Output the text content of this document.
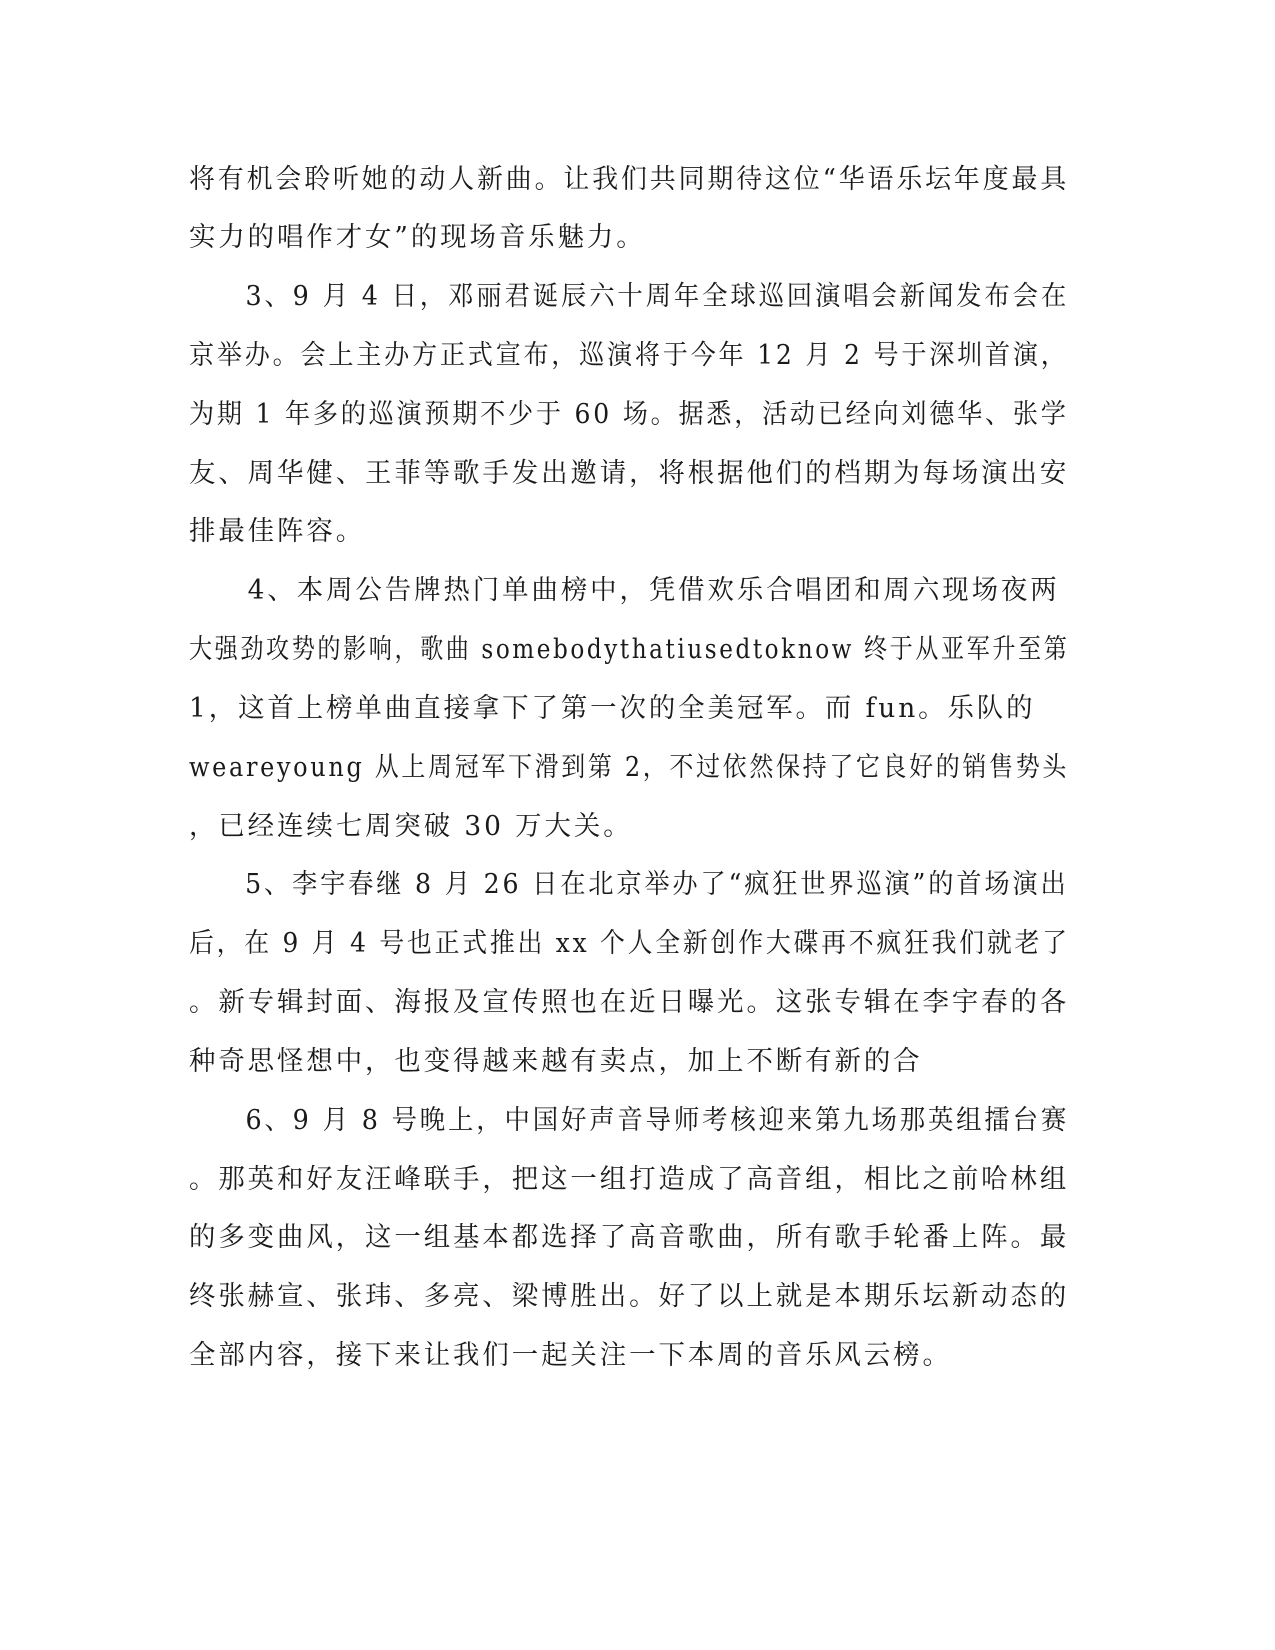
将有机会聆听她的动人新曲。让我们共同期待这位“华语乐坛年度最具
实力的唱作才女”的现场音乐魅力。
　　3、9 月 4 日，邓丽君诞辰六十周年全球巡回演唱会新闻发布会在
京举办。会上主办方正式宣布，巡演将于今年 12 月 2 号于深圳首演，
为期 1 年多的巡演预期不少于 60 场。据悉，活动已经向刘德华、张学
友、周华健、王菲等歌手发出邀请，将根据他们的档期为每场演出安
排最佳阵容。
　　4、本周公告牌热门单曲榜中，凭借欢乐合唱团和周六现场夜两
大强劲攻势的影响，歌曲 somebodythatiusedtoknow 终于从亚军升至第
1，这首上榜单曲直接拿下了第一次的全美冠军。而 fun。乐队的
weareyoung 从上周冠军下滑到第 2，不过依然保持了它良好的销售势头
，已经连续七周突破 30 万大关。
　　5、李宇春继 8 月 26 日在北京举办了“疯狂世界巡演”的首场演出
后，在 9 月 4 号也正式推出 xx 个人全新创作大碟再不疯狂我们就老了
。新专辑封面、海报及宣传照也在近日曝光。这张专辑在李宇春的各
种奇思怪想中，也变得越来越有卖点，加上不断有新的合
　　6、9 月 8 号晚上，中国好声音导师考核迎来第九场那英组擂台赛
。那英和好友汪峰联手，把这一组打造成了高音组，相比之前哈林组
的多变曲风，这一组基本都选择了高音歌曲，所有歌手轮番上阵。最
终张赫宣、张玮、多亮、梁博胜出。好了以上就是本期乐坛新动态的
全部内容，接下来让我们一起关注一下本周的音乐风云榜。
